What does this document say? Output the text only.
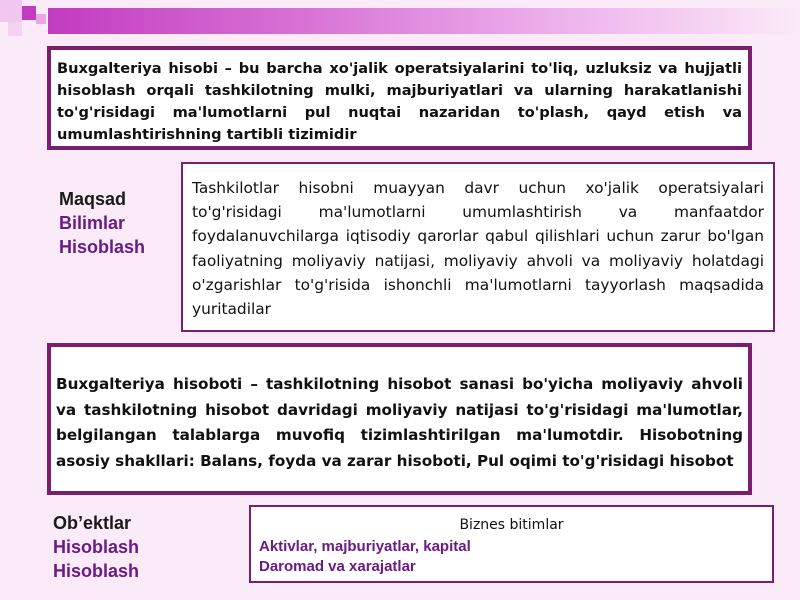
Buxgalteriya hisobi – bu barcha xo'jalik operatsiyalarini to'liq, uzluksiz va hujjatli hisoblash orqali tashkilotning mulki, majburiyatlari va ularning harakatlanishi to'g'risidagi ma'lumotlarni pul nuqtai nazaridan to'plash, qayd etish va umumlashtirishning tartibli tizimidir

Maqsad
Bilimlar
Hisoblash

Tashkilotlar hisobni muayyan davr uchun xo'jalik operatsiyalari to'g'risidagi ma'lumotlarni umumlashtirish va manfaatdor foydalanuvchilarga iqtisodiy qarorlar qabul qilishlari uchun zarur bo'lgan faoliyatning moliyaviy natijasi, moliyaviy ahvoli va moliyaviy holatdagi o'zgarishlar to'g'risida ishonchli ma'lumotlarni tayyorlash maqsadida yuritadilar

Buxgalteriya hisoboti – tashkilotning hisobot sanasi bo'yicha moliyaviy ahvoli va tashkilotning hisobot davridagi moliyaviy natijasi to'g'risidagi ma'lumotlar, belgilangan talablarga muvofiq tizimlashtirilgan ma'lumotdir. Hisobotning asosiy shakllari: Balans, foyda va zarar hisoboti, Pul oqimi to'g'risidagi hisobot

Ob’ektlar
Hisoblash
Hisoblash
Biznes bitimlar
Aktivlar, majburiyatlar, kapital
Daromad va xarajatlar
